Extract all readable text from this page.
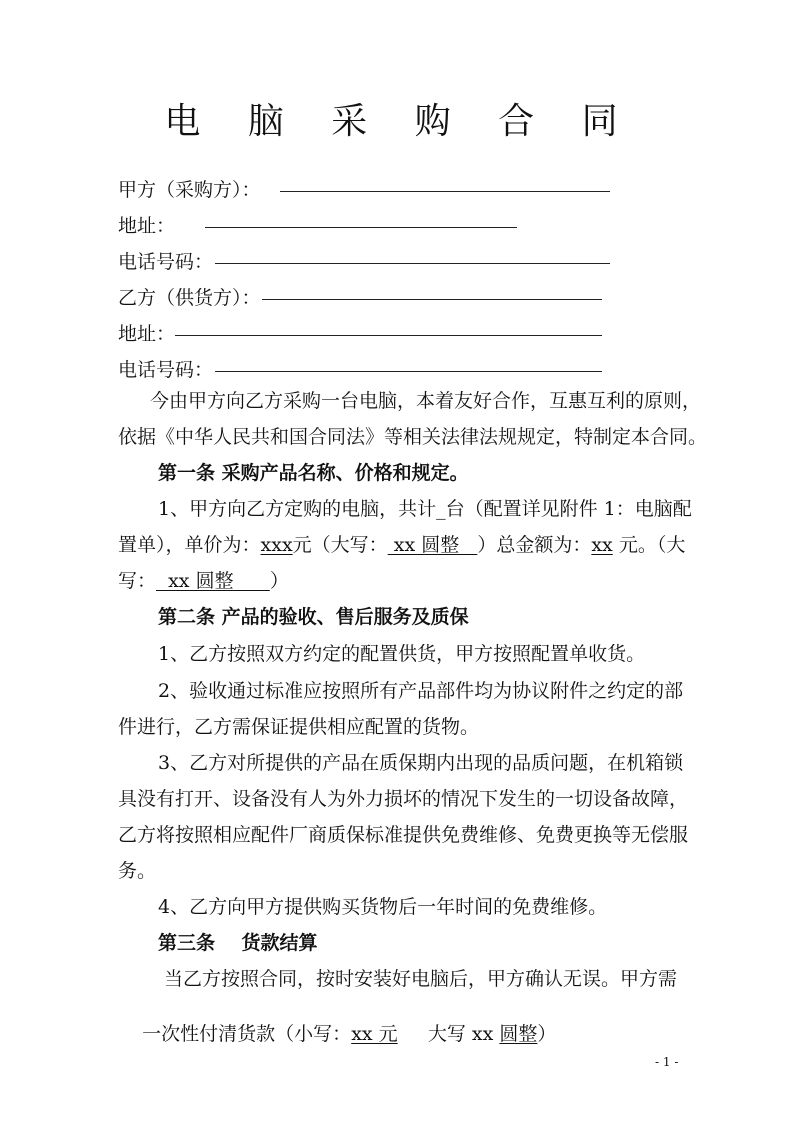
电 脑 采 购 合 同
甲方（采购方）：
地址：
电话号码：
乙方（供货方）：
地址：
电话号码：
今由甲方向乙方采购一台电脑，本着友好合作，互惠互利的原则，
依据《中华人民共和国合同法》等相关法律法规规定，特制定本合同。
第一条 采购产品名称、价格和规定。
1、甲方向乙方定购的电脑，共计_台（配置详见附件 1：电脑配
置单），单价为：xxx元（大写： xx 圆整   ）总金额为：xx 元。（大
写：  xx 圆整      ）
第二条 产品的验收、售后服务及质保
1、乙方按照双方约定的配置供货，甲方按照配置单收货。
2、验收通过标准应按照所有产品部件均为协议附件之约定的部
件进行，乙方需保证提供相应配置的货物。
3、乙方对所提供的产品在质保期内出现的品质问题，在机箱锁
具没有打开、设备没有人为外力损坏的情况下发生的一切设备故障，
乙方将按照相应配件厂商质保标准提供免费维修、免费更换等无偿服
务。
4、乙方向甲方提供购买货物后一年时间的免费维修。
第三条    货款结算
当乙方按照合同，按时安装好电脑后，甲方确认无误。甲方需

一次性付清货款（小写：xx 元     大写 xx 圆整）

- 1 -
